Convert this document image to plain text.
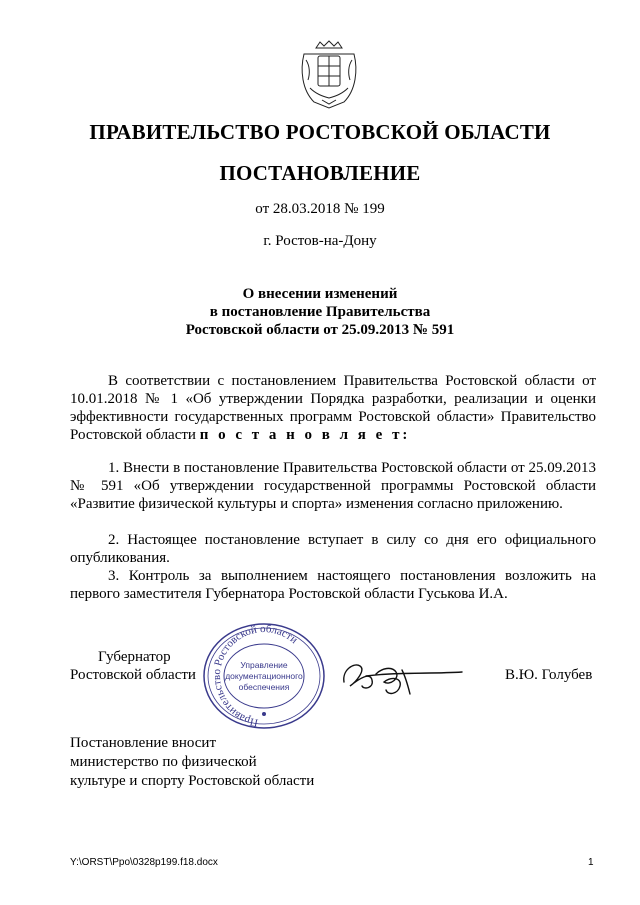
ПРАВИТЕЛЬСТВО РОСТОВСКОЙ ОБЛАСТИ
ПОСТАНОВЛЕНИЕ
от 28.03.2018 № 199
г. Ростов-на-Дону
О внесении изменений
в постановление Правительства
Ростовской области от 25.09.2013 № 591
В соответствии с постановлением Правительства Ростовской области от 10.01.2018 № 1 «Об утверждении Порядка разработки, реализации и оценки эффективности государственных программ Ростовской области» Правительство Ростовской области п о с т а н о в л я е т:
1. Внести в постановление Правительства Ростовской области от 25.09.2013 № 591 «Об утверждении государственной программы Ростовской области «Развитие физической культуры и спорта» изменения согласно приложению.
2. Настоящее постановление вступает в силу со дня его официального опубликования.
3. Контроль за выполнением настоящего постановления возложить на первого заместителя Губернатора Ростовской области Гуськова И.А.
Губернатор
Ростовской области	В.Ю. Голубев
Правительство Ростовской области
Управление
документационного
обеспечения
Постановление вносит
министерство по физической
культуре и спорту Ростовской области
Y:\ORST\Ppo\0328p199.f18.docx	1
